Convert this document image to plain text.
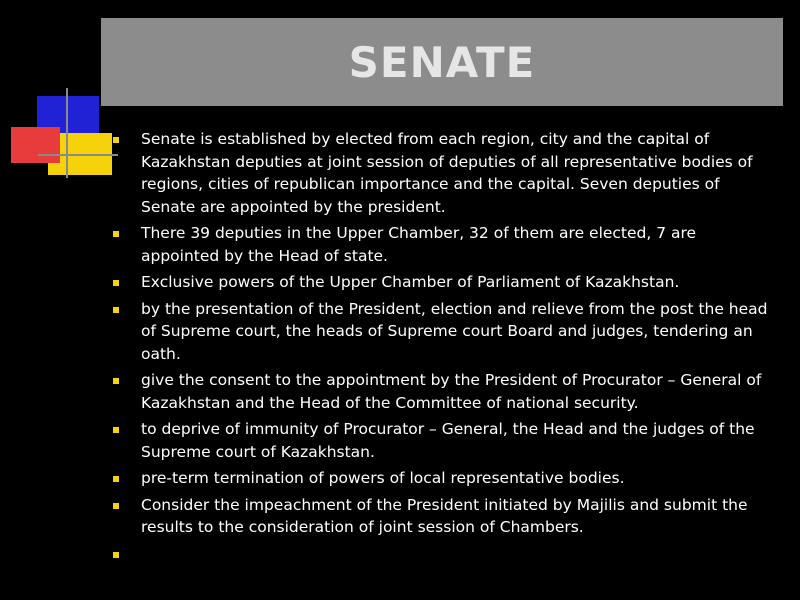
SENATE
Senate is established by elected from each region, city and the capital of Kazakhstan deputies at joint session of deputies of all representative bodies of regions, cities of republican importance and the capital. Seven deputies of Senate are appointed by the president.
There 39 deputies in the Upper Chamber, 32 of them are elected, 7 are appointed by the Head of state.
Exclusive powers of the Upper Chamber of Parliament of Kazakhstan.
by the presentation of the President, election and relieve from the post the head of Supreme court, the heads of Supreme court Board and judges, tendering an oath.
give the consent to the appointment by the President of Procurator – General of Kazakhstan and the Head of the Committee of national security.
to deprive of immunity of Procurator – General, the Head and the judges of the Supreme court of Kazakhstan.
pre-term termination of powers of local representative bodies.
Consider the impeachment of the President initiated by Majilis and submit the results to the consideration of joint session of Chambers.
